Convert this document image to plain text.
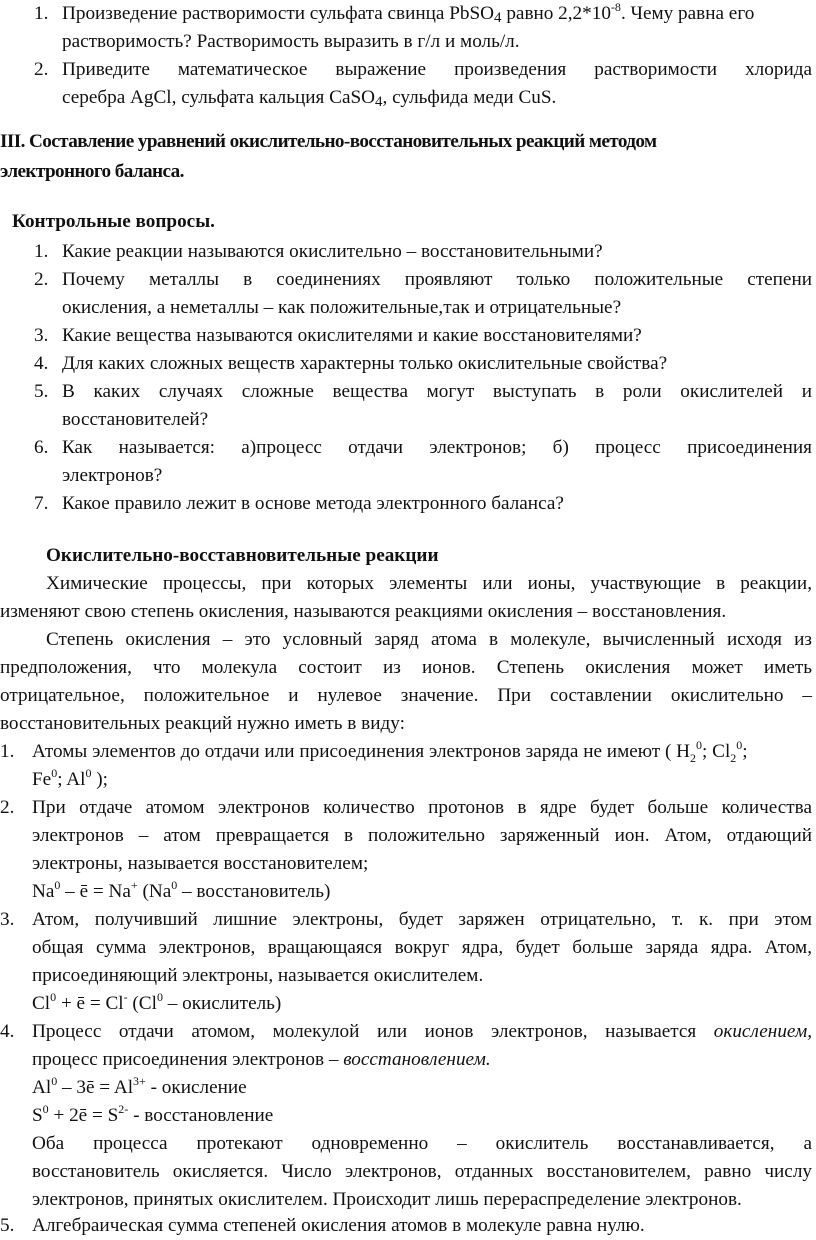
1. Произведение растворимости сульфата свинца PbSO4 равно $2,2*10^{-8}$. Чему равна его
растворимость? Растворимость выразить в г/л и моль/л.
2. Приведите математическое выражение произведения растворимости хлорида
серебра AgCl, сульфата кальция CaSO4, сульфида меди CuS.
III. Составление уравнений окислительно-восстановительных реакций методом
электронного баланса.
Контрольные вопросы.
1. Какие реакции называются окислительно – восстановительными?
2. Почему металлы в соединениях проявляют только положительные степени
окисления, а неметаллы – как положительные,так и отрицательные?
3. Какие вещества называются окислителями и какие восстановителями?
4. Для каких сложных веществ характерны только окислительные свойства?
5. В каких случаях сложные вещества могут выступать в роли окислителей и
восстановителей?
6. Как называется: а)процесс отдачи электронов; б) процесс присоединения
электронов?
7. Какое правило лежит в основе метода электронного баланса?
Окислительно-восставновительные реакции
Химические процессы, при которых элементы или ионы, участвующие в реакции,
изменяют свою степень окисления, называются реакциями окисления – восстановления.
Степень окисления – это условный заряд атома в молекуле, вычисленный исходя из
предположения, что молекула состоит из ионов. Степень окисления может иметь
отрицательное, положительное и нулевое значение. При составлении окислительно –
восстановительных реакций нужно иметь в виду:
1. Атомы элементов до отдачи или присоединения электронов заряда не имеют ( $H_2^0$; $Cl_2^0$;
Fe$^0$; Al$^0$ );
2. При отдаче атомом электронов количество протонов в ядре будет больше количества
электронов – атом превращается в положительно заряженный ион. Атом, отдающий
электроны, называется восстановителем;
Na$^0$ – ē = Na+ (Na$^0$ – восстановитель)
3. Атом, получивший лишние электроны, будет заряжен отрицательно, т. к. при этом
общая сумма электронов, вращающаяся вокруг ядра, будет больше заряда ядра. Атом,
присоединяющий электроны, называется окислителем.
$Cl^0$ + ē = Cl- (Cl$^0$ – окислитель)
4. Процесс отдачи атомом, молекулой или ионов электронов, называется окислением,
процесс присоединения электронов – восстановлением.
Al$^0$ – 3ē = $Al^{3+}$ - окисление
$S^0$ + 2ē = $S^{2-}$ - восстановление
Оба процесса протекают одновременно – окислитель восстанавливается, а
восстановитель окисляется. Число электронов, отданных восстановителем, равно числу
электронов, принятых окислителем. Происходит лишь перераспределение электронов.
5. Алгебраическая сумма степеней окисления атомов в молекуле равна нулю.
